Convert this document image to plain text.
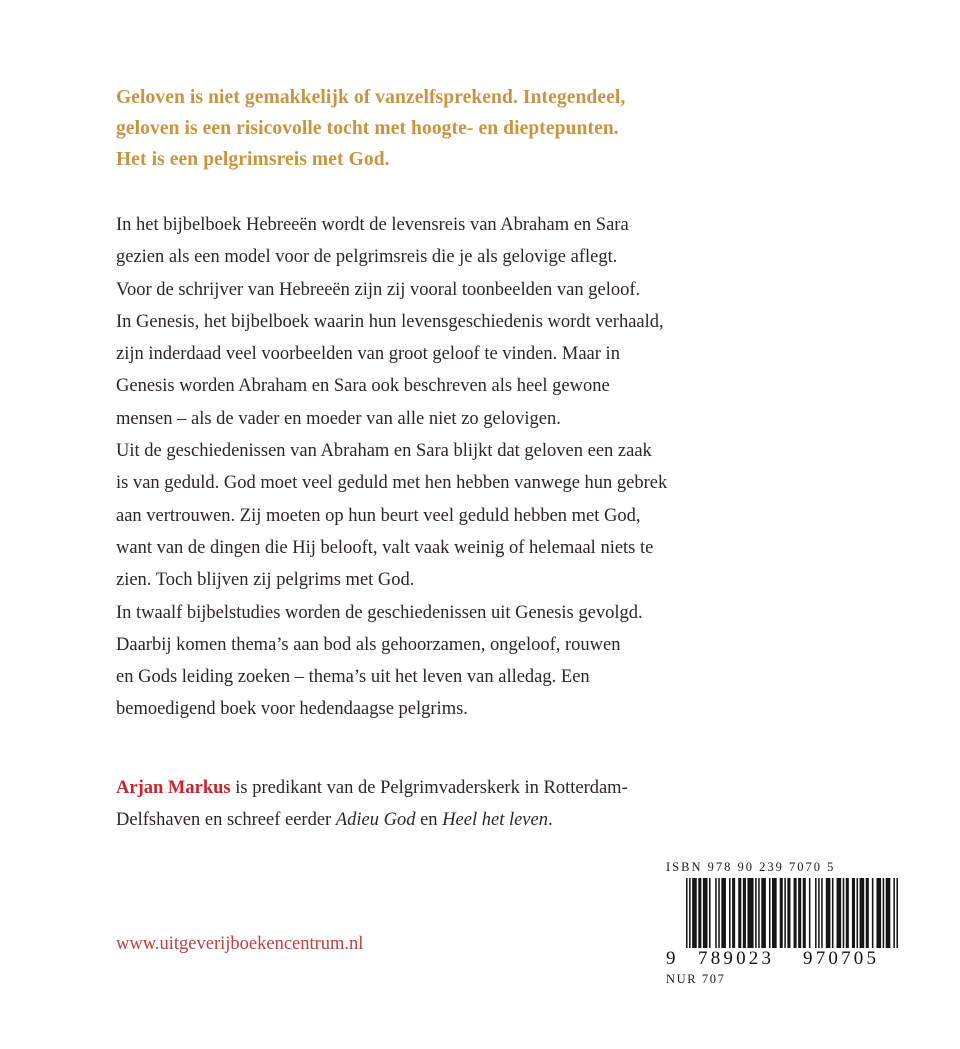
Geloven is niet gemakkelijk of vanzelfsprekend. Integendeel,
geloven is een risicovolle tocht met hoogte- en dieptepunten.
Het is een pelgrimsreis met God.
In het bijbelboek Hebreeën wordt de levensreis van Abraham en Sara
gezien als een model voor de pelgrimsreis die je als gelovige aflegt.
Voor de schrijver van Hebreeën zijn zij vooral toonbeelden van geloof.
In Genesis, het bijbelboek waarin hun levensgeschiedenis wordt verhaald,
zijn inderdaad veel voorbeelden van groot geloof te vinden. Maar in
Genesis worden Abraham en Sara ook beschreven als heel gewone
mensen – als de vader en moeder van alle niet zo gelovigen.
Uit de geschiedenissen van Abraham en Sara blijkt dat geloven een zaak
is van geduld. God moet veel geduld met hen hebben vanwege hun gebrek
aan vertrouwen. Zij moeten op hun beurt veel geduld hebben met God,
want van de dingen die Hij belooft, valt vaak weinig of helemaal niets te
zien. Toch blijven zij pelgrims met God.
In twaalf bijbelstudies worden de geschiedenissen uit Genesis gevolgd.
Daarbij komen thema’s aan bod als gehoorzamen, ongeloof, rouwen
en Gods leiding zoeken – thema’s uit het leven van alledag. Een
bemoedigend boek voor hedendaagse pelgrims.
Arjan Markus is predikant van de Pelgrimvaderskerk in Rotterdam-
Delfshaven en schreef eerder Adieu God en Heel het leven.
www.uitgeverijboekencentrum.nl
ISBN 978 90 239 7070 5
9 789023 970705
NUR 707
